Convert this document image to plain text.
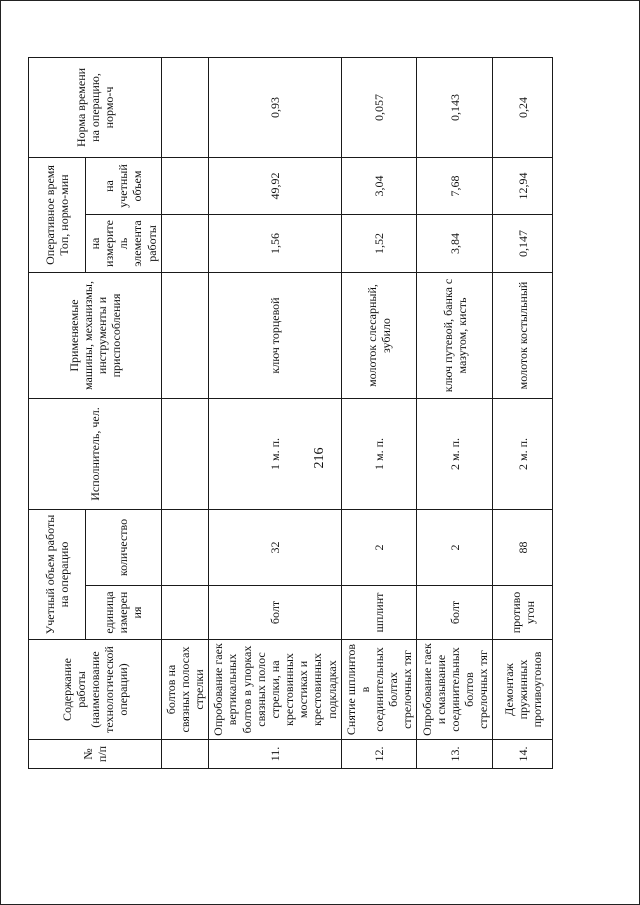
216
№ п/п	Содержание работы (наименование технологической операции)	Учетный объем работы на операцию		Исполнитель, чел.	Применяемые машины, механизмы, инструменты и приспособления	Оперативное время Топ, нормо-мин		Норма времени на операцию, нормо-ч
		единица измерения	количество			на измеритель элемента работы	на учетный объем	
	болтов на связных полосах стрелки							
11.	Опробование гаек вертикальных болтов в упорках связных полос стрелки, на крестовинных мостиках и крестовинных подкладках	болт	32	1 м. п.	ключ торцевой	1,56	49,92	0,93
12.	Снятие шплинтов в соединительных болтах стрелочных тяг	шплинт	2	1 м. п.	молоток слесарный, зубило	1,52	3,04	0,057
13.	Опробование гаек и смазывание соединительных болтов стрелочных тяг	болт	2	2 м. п.	ключ путевой, банка с мазутом, кисть	3,84	7,68	0,143
14.	Демонтаж пружинных противоугонов	противоугон	88	2 м. п.	молоток костыльный	0,147	12,94	0,24
